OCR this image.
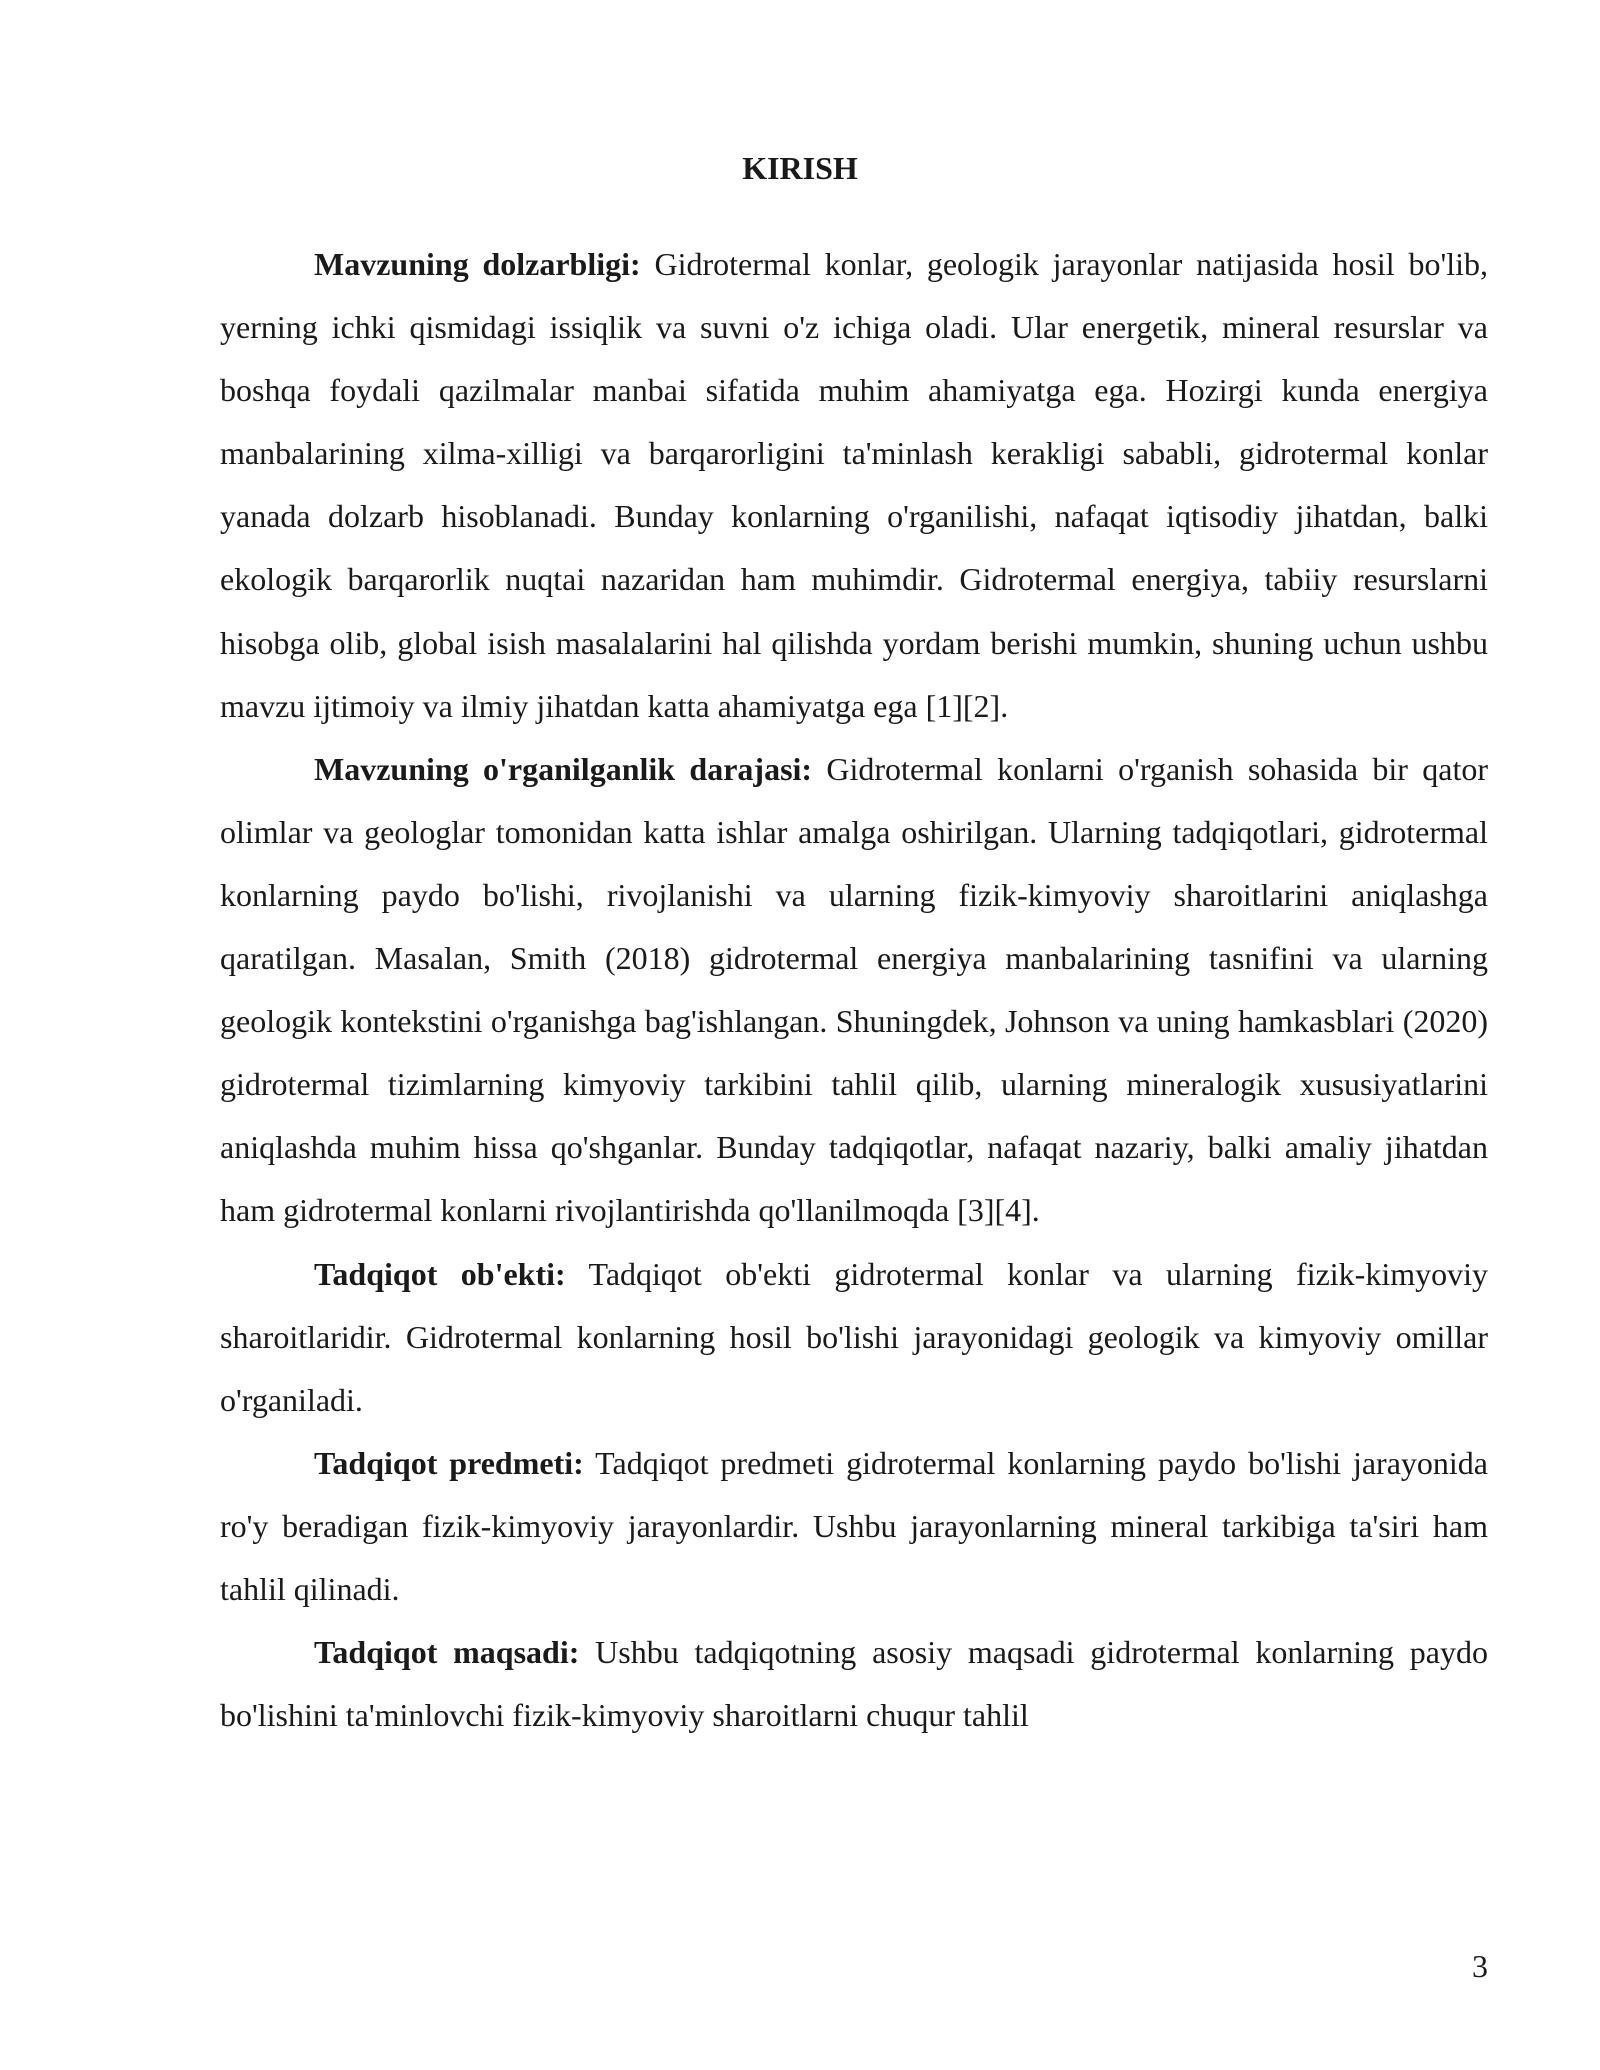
KIRISH

Mavzuning dolzarbligi: Gidrotermal konlar, geologik jarayonlar natijasida hosil bo'lib, yerning ichki qismidagi issiqlik va suvni o'z ichiga oladi. Ular energetik, mineral resurslar va boshqa foydali qazilmalar manbai sifatida muhim ahamiyatga ega. Hozirgi kunda energiya manbalarining xilma-xilligi va barqarorligini ta'minlash kerakligi sababli, gidrotermal konlar yanada dolzarb hisoblanadi. Bunday konlarning o'rganilishi, nafaqat iqtisodiy jihatdan, balki ekologik barqarorlik nuqtai nazaridan ham muhimdir. Gidrotermal energiya, tabiiy resurslarni hisobga olib, global isish masalalarini hal qilishda yordam berishi mumkin, shuning uchun ushbu mavzu ijtimoiy va ilmiy jihatdan katta ahamiyatga ega [1][2].

Mavzuning o'rganilganlik darajasi: Gidrotermal konlarni o'rganish sohasida bir qator olimlar va geologlar tomonidan katta ishlar amalga oshirilgan. Ularning tadqiqotlari, gidrotermal konlarning paydo bo'lishi, rivojlanishi va ularning fizik-kimyoviy sharoitlarini aniqlashga qaratilgan. Masalan, Smith (2018) gidrotermal energiya manbalarining tasnifini va ularning geologik kontekstini o'rganishga bag'ishlangan. Shuningdek, Johnson va uning hamkasblari (2020) gidrotermal tizimlarning kimyoviy tarkibini tahlil qilib, ularning mineralogik xususiyatlarini aniqlashda muhim hissa qo'shganlar. Bunday tadqiqotlar, nafaqat nazariy, balki amaliy jihatdan ham gidrotermal konlarni rivojlantirishda qo'llanilmoqda [3][4].

Tadqiqot ob'ekti: Tadqiqot ob'ekti gidrotermal konlar va ularning fizik-kimyoviy sharoitlaridir. Gidrotermal konlarning hosil bo'lishi jarayonidagi geologik va kimyoviy omillar o'rganiladi.

Tadqiqot predmeti: Tadqiqot predmeti gidrotermal konlarning paydo bo'lishi jarayonida ro'y beradigan fizik-kimyoviy jarayonlardir. Ushbu jarayonlarning mineral tarkibiga ta'siri ham tahlil qilinadi.

Tadqiqot maqsadi: Ushbu tadqiqotning asosiy maqsadi gidrotermal konlarning paydo bo'lishini ta'minlovchi fizik-kimyoviy sharoitlarni chuqur tahlil

3
